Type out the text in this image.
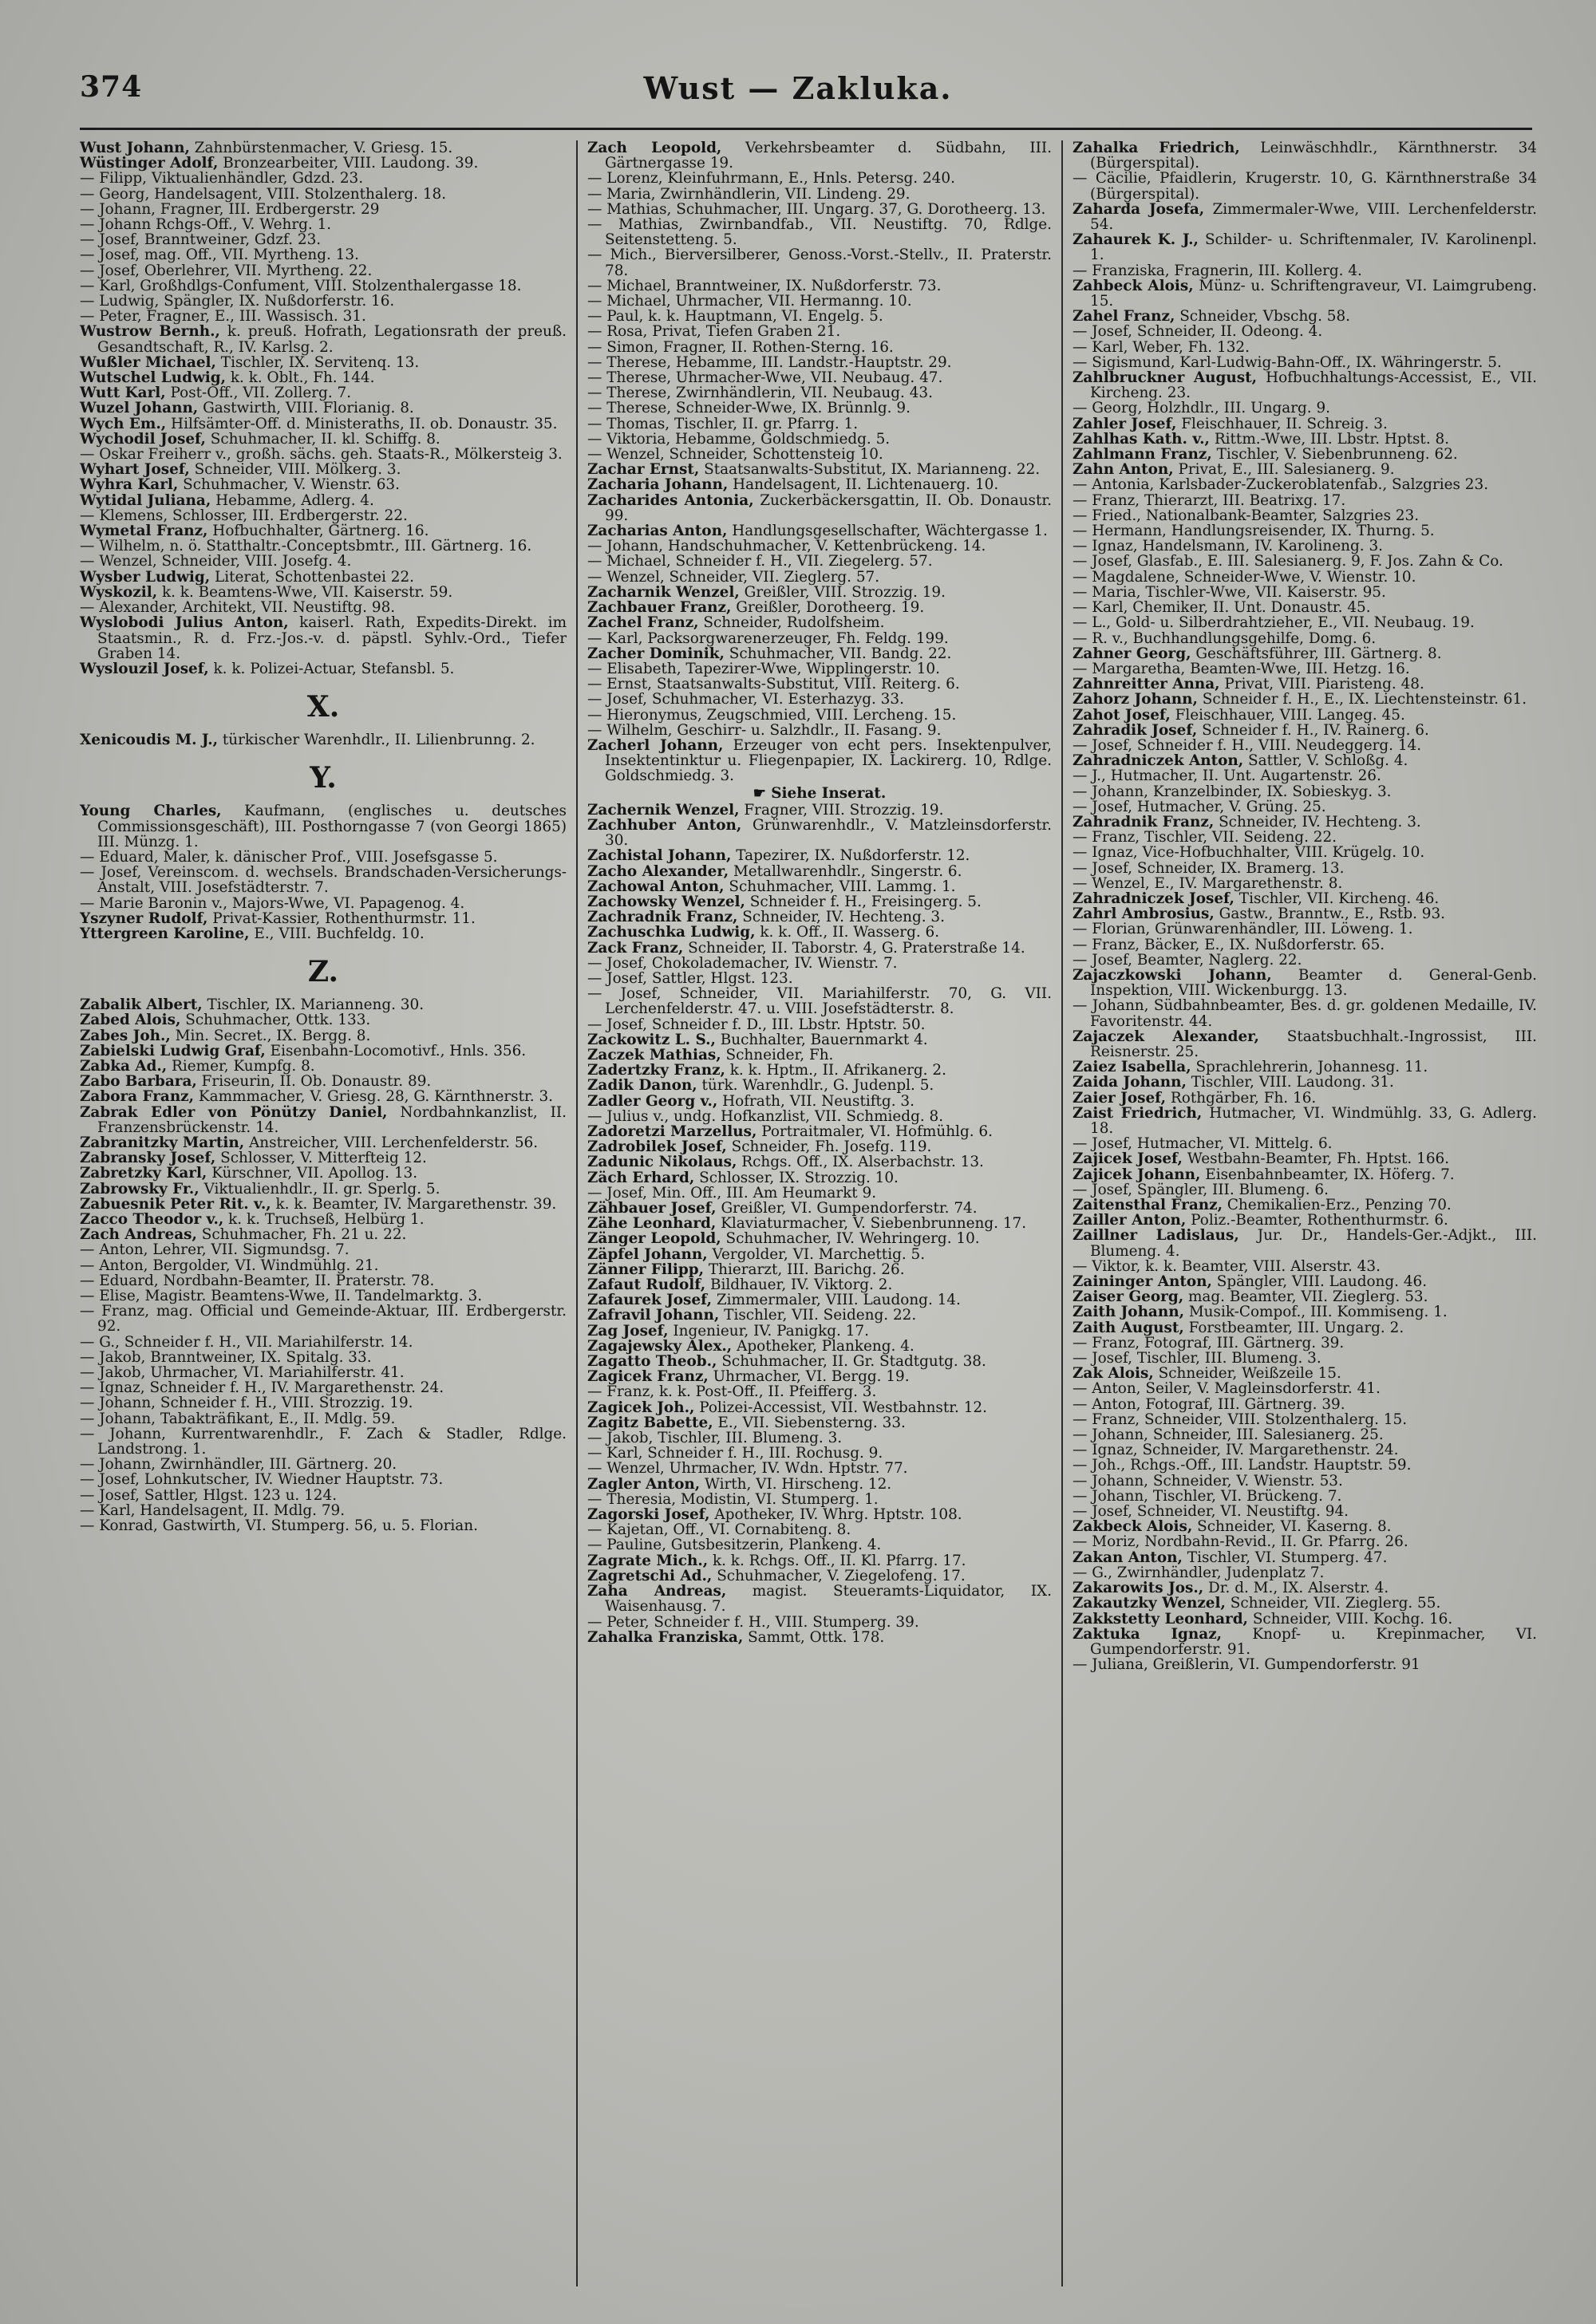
374	Wust — Zakluka.

Wust Johann, Zahnbürstenmacher, V. Griesg. 15.

Wüstinger Adolf, Bronzearbeiter, VIII. Laudong. 39.

— Filipp, Viktualienhändler, Gdzd. 23.

— Georg, Handelsagent, VIII. Stolzenthalerg. 18.

— Johann, Fragner, III. Erdbergerstr. 29

— Johann Rchgs-Off., V. Wehrg. 1.

— Josef, Branntweiner, Gdzf. 23.

— Josef, mag. Off., VII. Myrtheng. 13.

— Josef, Oberlehrer, VII. Myrtheng. 22.

— Karl, Großhdlgs-Confument, VIII. Stolzenthalergasse 18.

— Ludwig, Spängler, IX. Nußdorferstr. 16.

— Peter, Fragner, E., III. Wassisch. 31.

Wustrow Bernh., k. preuß. Hofrath, Legationsrath der preuß. Gesandtschaft, R., IV. Karlsg. 2.

Wußler Michael, Tischler, IX. Servitenq. 13.

Wutschel Ludwig, k. k. Oblt., Fh. 144.

Wutt Karl, Post-Off., VII. Zollerg. 7.

Wuzel Johann, Gastwirth, VIII. Florianig. 8.

Wych Em., Hilfsämter-Off. d. Ministeraths, II. ob. Donaustr. 35.

Wychodil Josef, Schuhmacher, II. kl. Schiffg. 8.

— Oskar Freiherr v., großh. sächs. geh. Staats-R., Mölkersteig 3.

Wyhart Josef, Schneider, VIII. Mölkerg. 3.

Wyhra Karl, Schuhmacher, V. Wienstr. 63.

Wytidal Juliana, Hebamme, Adlerg. 4.

— Klemens, Schlosser, III. Erdbergerstr. 22.

Wymetal Franz, Hofbuchhalter, Gärtnerg. 16.

— Wilhelm, n. ö. Statthaltr.-Conceptsbmtr., III. Gärtnerg. 16.

— Wenzel, Schneider, VIII. Josefg. 4.

Wysber Ludwig, Literat, Schottenbastei 22.

Wyskozil, k. k. Beamtens-Wwe, VII. Kaiserstr. 59.

— Alexander, Architekt, VII. Neustiftg. 98.

Wyslobodi Julius Anton, kaiserl. Rath, Expedits-Direkt. im Staatsmin., R. d. Frz.-Jos.-v. d. päpstl. Syhlv.-Ord., Tiefer Graben 14.

Wyslouzil Josef, k. k. Polizei-Actuar, Stefansbl. 5.

X.

Xenicoudis M. J., türkischer Warenhdlr., II. Lilienbrunng. 2.

Y.

Young Charles, Kaufmann, (englisches u. deutsches Commissionsgeschäft), III. Posthorngasse 7 (von Georgi 1865) III. Münzg. 1.

— Eduard, Maler, k. dänischer Prof., VIII. Josefsgasse 5.

— Josef, Vereinscom. d. wechsels. Brandschaden-Versicherungs-Anstalt, VIII. Josefstädterstr. 7.

— Marie Baronin v., Majors-Wwe, VI. Papagenog. 4.

Yszyner Rudolf, Privat-Kassier, Rothenthurmstr. 11.

Yttergreen Karoline, E., VIII. Buchfeldg. 10.

Z.

Zabalik Albert, Tischler, IX. Marianneng. 30.

Zabed Alois, Schuhmacher, Ottk. 133.

Zabes Joh., Min. Secret., IX. Bergg. 8.

Zabielski Ludwig Graf, Eisenbahn-Locomotivf., Hnls. 356.

Zabka Ad., Riemer, Kumpfg. 8.

Zabo Barbara, Friseurin, II. Ob. Donaustr. 89.

Zabora Franz, Kammmacher, V. Griesg. 28, G. Kärnthnerstr. 3.

Zabrak Edler von Pönützy Daniel, Nordbahnkanzlist, II. Franzensbrückenstr. 14.

Zabranitzky Martin, Anstreicher, VIII. Lerchenfelderstr. 56.

Zabransky Josef, Schlosser, V. Mitterfteig 12.

Zabretzky Karl, Kürschner, VII. Apollog. 13.

Zabrowsky Fr., Viktualienhdlr., II. gr. Sperlg. 5.

Zabuesnik Peter Rit. v., k. k. Beamter, IV. Margarethenstr. 39.

Zacco Theodor v., k. k. Truchseß, Helbürg 1.

Zach Andreas, Schuhmacher, Fh. 21 u. 22.

— Anton, Lehrer, VII. Sigmundsg. 7.

— Anton, Bergolder, VI. Windmühlg. 21.

— Eduard, Nordbahn-Beamter, II. Praterstr. 78.

— Elise, Magistr. Beamtens-Wwe, II. Tandelmarktg. 3.

— Franz, mag. Official und Gemeinde-Aktuar, III. Erdbergerstr. 92.

— G., Schneider f. H., VII. Mariahilferstr. 14.

— Jakob, Branntweiner, IX. Spitalg. 33.

— Jakob, Uhrmacher, VI. Mariahilferstr. 41.

— Ignaz, Schneider f. H., IV. Margarethenstr. 24.

— Johann, Schneider f. H., VIII. Strozzig. 19.

— Johann, Tabakträfikant, E., II. Mdlg. 59.

— Johann, Kurrentwarenhdlr., F. Zach & Stadler, Rdlge. Landstrong. 1.

— Johann, Zwirnhändler, III. Gärtnerg. 20.

— Josef, Lohnkutscher, IV. Wiedner Hauptstr. 73.

— Josef, Sattler, Hlgst. 123 u. 124.

— Karl, Handelsagent, II. Mdlg. 79.

— Konrad, Gastwirth, VI. Stumperg. 56, u. 5. Florian.

Zach Leopold, Verkehrsbeamter d. Südbahn, III. Gärtnergasse 19.

— Lorenz, Kleinfuhrmann, E., Hnls. Petersg. 240.

— Maria, Zwirnhändlerin, VII. Lindeng. 29.

— Mathias, Schuhmacher, III. Ungarg. 37, G. Dorotheerg. 13.

— Mathias, Zwirnbandfab., VII. Neustiftg. 70, Rdlge. Seitenstetteng. 5.

— Mich., Bierversilberer, Genoss.-Vorst.-Stellv., II. Praterstr. 78.

— Michael, Branntweiner, IX. Nußdorferstr. 73.

— Michael, Uhrmacher, VII. Hermanng. 10.

— Paul, k. k. Hauptmann, VI. Engelg. 5.

— Rosa, Privat, Tiefen Graben 21.

— Simon, Fragner, II. Rothen-Sterng. 16.

— Therese, Hebamme, III. Landstr.-Hauptstr. 29.

— Therese, Uhrmacher-Wwe, VII. Neubaug. 47.

— Therese, Zwirnhändlerin, VII. Neubaug. 43.

— Therese, Schneider-Wwe, IX. Brünnlg. 9.

— Thomas, Tischler, II. gr. Pfarrg. 1.

— Viktoria, Hebamme, Goldschmiedg. 5.

— Wenzel, Schneider, Schottensteig 10.

Zachar Ernst, Staatsanwalts-Substitut, IX. Marianneng. 22.

Zacharia Johann, Handelsagent, II. Lichtenauerg. 10.

Zacharides Antonia, Zuckerbäckersgattin, II. Ob. Donaustr. 99.

Zacharias Anton, Handlungsgesellschafter, Wächtergasse 1.

— Johann, Handschuhmacher, V. Kettenbrückeng. 14.

— Michael, Schneider f. H., VII. Ziegelerg. 57.

— Wenzel, Schneider, VII. Zieglerg. 57.

Zacharnik Wenzel, Greißler, VIII. Strozzig. 19.

Zachbauer Franz, Greißler, Dorotheerg. 19.

Zachel Franz, Schneider, Rudolfsheim.

— Karl, Packsorgwarenerzeuger, Fh. Feldg. 199.

Zacher Dominik, Schuhmacher, VII. Bandg. 22.

— Elisabeth, Tapezirer-Wwe, Wipplingerstr. 10.

— Ernst, Staatsanwalts-Substitut, VIII. Reiterg. 6.

— Josef, Schuhmacher, VI. Esterhazyg. 33.

— Hieronymus, Zeugschmied, VIII. Lercheng. 15.

— Wilhelm, Geschirr- u. Salzhdlr., II. Fasang. 9.

Zacherl Johann, Erzeuger von echt pers. Insektenpulver, Insektentinktur u. Fliegenpapier, IX. Lackirerg. 10, Rdlge. Goldschmiedg. 3.

☛ Siehe Inserat.

Zachernik Wenzel, Fragner, VIII. Strozzig. 19.

Zachhuber Anton, Grünwarenhdlr., V. Matzleinsdorferstr. 30.

Zachistal Johann, Tapezirer, IX. Nußdorferstr. 12.

Zacho Alexander, Metallwarenhdlr., Singerstr. 6.

Zachowal Anton, Schuhmacher, VIII. Lammg. 1.

Zachowsky Wenzel, Schneider f. H., Freisingerg. 5.

Zachradnik Franz, Schneider, IV. Hechteng. 3.

Zachuschka Ludwig, k. k. Off., II. Wasserg. 6.

Zack Franz, Schneider, II. Taborstr. 4, G. Praterstraße 14.

— Josef, Chokolademacher, IV. Wienstr. 7.

— Josef, Sattler, Hlgst. 123.

— Josef, Schneider, VII. Mariahilferstr. 70, G. VII. Lerchenfelderstr. 47. u. VIII. Josefstädterstr. 8.

— Josef, Schneider f. D., III. Lbstr. Hptstr. 50.

Zackowitz L. S., Buchhalter, Bauernmarkt 4.

Zaczek Mathias, Schneider, Fh.

Zadertzky Franz, k. k. Hptm., II. Afrikanerg. 2.

Zadik Danon, türk. Warenhdlr., G. Judenpl. 5.

Zadler Georg v., Hofrath, VII. Neustiftg. 3.

— Julius v., undg. Hofkanzlist, VII. Schmiedg. 8.

Zadoretzi Marzellus, Portraitmaler, VI. Hofmühlg. 6.

Zadrobilek Josef, Schneider, Fh. Josefg. 119.

Zadunic Nikolaus, Rchgs. Off., IX. Alserbachstr. 13.

Zäch Erhard, Schlosser, IX. Strozzig. 10.

— Josef, Min. Off., III. Am Heumarkt 9.

Zähbauer Josef, Greißler, VI. Gumpendorferstr. 74.

Zähe Leonhard, Klaviaturmacher, V. Siebenbrunneng. 17.

Zänger Leopold, Schuhmacher, IV. Wehringerg. 10.

Zäpfel Johann, Vergolder, VI. Marchettig. 5.

Zänner Filipp, Thierarzt, III. Barichg. 26.

Zafaut Rudolf, Bildhauer, IV. Viktorg. 2.

Zafaurek Josef, Zimmermaler, VIII. Laudong. 14.

Zafravil Johann, Tischler, VII. Seideng. 22.

Zag Josef, Ingenieur, IV. Panigkg. 17.

Zagajewsky Alex., Apotheker, Plankeng. 4.

Zagatto Theob., Schuhmacher, II. Gr. Stadtgutg. 38.

Zagicek Franz, Uhrmacher, VI. Bergg. 19.

— Franz, k. k. Post-Off., II. Pfeifferg. 3.

Zagicek Joh., Polizei-Accessist, VII. Westbahnstr. 12.

Zagitz Babette, E., VII. Siebensterng. 33.

— Jakob, Tischler, III. Blumeng. 3.

— Karl, Schneider f. H., III. Rochusg. 9.

— Wenzel, Uhrmacher, IV. Wdn. Hptstr. 77.

Zagler Anton, Wirth, VI. Hirscheng. 12.

— Theresia, Modistin, VI. Stumperg. 1.

Zagorski Josef, Apotheker, IV. Whrg. Hptstr. 108.

— Kajetan, Off., VI. Cornabiteng. 8.

— Pauline, Gutsbesitzerin, Plankeng. 4.

Zagrate Mich., k. k. Rchgs. Off., II. Kl. Pfarrg. 17.

Zagretschi Ad., Schuhmacher, V. Ziegelofeng. 17.

Zaha Andreas, magist. Steueramts-Liquidator, IX. Waisenhausg. 7.

— Peter, Schneider f. H., VIII. Stumperg. 39.

Zahalka Franziska, Sammt, Ottk. 178.

Zahalka Friedrich, Leinwäschhdlr., Kärnthnerstr. 34 (Bürgerspital).

— Cäcilie, Pfaidlerin, Krugerstr. 10, G. Kärnthnerstraße 34 (Bürgerspital).

Zaharda Josefa, Zimmermaler-Wwe, VIII. Lerchenfelderstr. 54.

Zahaurek K. J., Schilder- u. Schriftenmaler, IV. Karolinenpl. 1.

— Franziska, Fragnerin, III. Kollerg. 4.

Zahbeck Alois, Münz- u. Schriftengraveur, VI. Laimgrubeng. 15.

Zahel Franz, Schneider, Vbschg. 58.

— Josef, Schneider, II. Odeong. 4.

— Karl, Weber, Fh. 132.

— Sigismund, Karl-Ludwig-Bahn-Off., IX. Währingerstr. 5.

Zahlbruckner August, Hofbuchhaltungs-Accessist, E., VII. Kircheng. 23.

— Georg, Holzhdlr., III. Ungarg. 9.

Zahler Josef, Fleischhauer, II. Schreig. 3.

Zahlhas Kath. v., Rittm.-Wwe, III. Lbstr. Hptst. 8.

Zahlmann Franz, Tischler, V. Siebenbrunneng. 62.

Zahn Anton, Privat, E., III. Salesianerg. 9.

— Antonia, Karlsbader-Zuckeroblatenfab., Salzgries 23.

— Franz, Thierarzt, III. Beatrixg. 17.

— Fried., Nationalbank-Beamter, Salzgries 23.

— Hermann, Handlungsreisender, IX. Thurng. 5.

— Ignaz, Handelsmann, IV. Karolineng. 3.

— Josef, Glasfab., E. III. Salesianerg. 9, F. Jos. Zahn & Co.

— Magdalene, Schneider-Wwe, V. Wienstr. 10.

— Maria, Tischler-Wwe, VII. Kaiserstr. 95.

— Karl, Chemiker, II. Unt. Donaustr. 45.

— L., Gold- u. Silberdrahtzieher, E., VII. Neubaug. 19.

— R. v., Buchhandlungsgehilfe, Domg. 6.

Zahner Georg, Geschäftsführer, III. Gärtnerg. 8.

— Margaretha, Beamten-Wwe, III. Hetzg. 16.

Zahnreitter Anna, Privat, VIII. Piaristeng. 48.

Zahorz Johann, Schneider f. H., E., IX. Liechtensteinstr. 61.

Zahot Josef, Fleischhauer, VIII. Langeg. 45.

Zahradik Josef, Schneider f. H., IV. Rainerg. 6.

— Josef, Schneider f. H., VIII. Neudeggerg. 14.

Zahradniczek Anton, Sattler, V. Schloßg. 4.

— J., Hutmacher, II. Unt. Augartenstr. 26.

— Johann, Kranzelbinder, IX. Sobieskyg. 3.

— Josef, Hutmacher, V. Grüng. 25.

Zahradnik Franz, Schneider, IV. Hechteng. 3.

— Franz, Tischler, VII. Seideng. 22.

— Ignaz, Vice-Hofbuchhalter, VIII. Krügelg. 10.

— Josef, Schneider, IX. Bramerg. 13.

— Wenzel, E., IV. Margarethenstr. 8.

Zahradniczek Josef, Tischler, VII. Kircheng. 46.

Zahrl Ambrosius, Gastw., Branntw., E., Rstb. 93.

— Florian, Grünwarenhändler, III. Löweng. 1.

— Franz, Bäcker, E., IX. Nußdorferstr. 65.

— Josef, Beamter, Naglerg. 22.

Zajaczkowski Johann, Beamter d. General-Genb. Inspektion, VIII. Wickenburgg. 13.

— Johann, Südbahnbeamter, Bes. d. gr. goldenen Medaille, IV. Favoritenstr. 44.

Zajaczek Alexander, Staatsbuchhalt.-Ingrossist, III. Reisnerstr. 25.

Zaiez Isabella, Sprachlehrerin, Johannesg. 11.

Zaida Johann, Tischler, VIII. Laudong. 31.

Zaier Josef, Rothgärber, Fh. 16.

Zaist Friedrich, Hutmacher, VI. Windmühlg. 33, G. Adlerg. 18.

— Josef, Hutmacher, VI. Mittelg. 6.

Zajicek Josef, Westbahn-Beamter, Fh. Hptst. 166.

Zajicek Johann, Eisenbahnbeamter, IX. Höferg. 7.

— Josef, Spängler, III. Blumeng. 6.

Zaitensthal Franz, Chemikalien-Erz., Penzing 70.

Zailler Anton, Poliz.-Beamter, Rothenthurmstr. 6.

Zaillner Ladislaus, Jur. Dr., Handels-Ger.-Adjkt., III. Blumeng. 4.

— Viktor, k. k. Beamter, VIII. Alserstr. 43.

Zaininger Anton, Spängler, VIII. Laudong. 46.

Zaiser Georg, mag. Beamter, VII. Zieglerg. 53.

Zaith Johann, Musik-Compof., III. Kommiseng. 1.

Zaith August, Forstbeamter, III. Ungarg. 2.

— Franz, Fotograf, III. Gärtnerg. 39.

— Josef, Tischler, III. Blumeng. 3.

Zak Alois, Schneider, Weißzeile 15.

— Anton, Seiler, V. Magleinsdorferstr. 41.

— Anton, Fotograf, III. Gärtnerg. 39.

— Franz, Schneider, VIII. Stolzenthalerg. 15.

— Johann, Schneider, III. Salesianerg. 25.

— Ignaz, Schneider, IV. Margarethenstr. 24.

— Joh., Rchgs.-Off., III. Landstr. Hauptstr. 59.

— Johann, Schneider, V. Wienstr. 53.

— Johann, Tischler, VI. Brückeng. 7.

— Josef, Schneider, VI. Neustiftg. 94.

Zakbeck Alois, Schneider, VI. Kaserng. 8.

— Moriz, Nordbahn-Revid., II. Gr. Pfarrg. 26.

Zakan Anton, Tischler, VI. Stumperg. 47.

— G., Zwirnhändler, Judenplatz 7.

Zakarowits Jos., Dr. d. M., IX. Alserstr. 4.

Zakautzky Wenzel, Schneider, VII. Zieglerg. 55.

Zakkstetty Leonhard, Schneider, VIII. Kochg. 16.

Zaktuka Ignaz, Knopf- u. Krepinmacher, VI. Gumpendorferstr. 91.

— Juliana, Greißlerin, VI. Gumpendorferstr. 91
